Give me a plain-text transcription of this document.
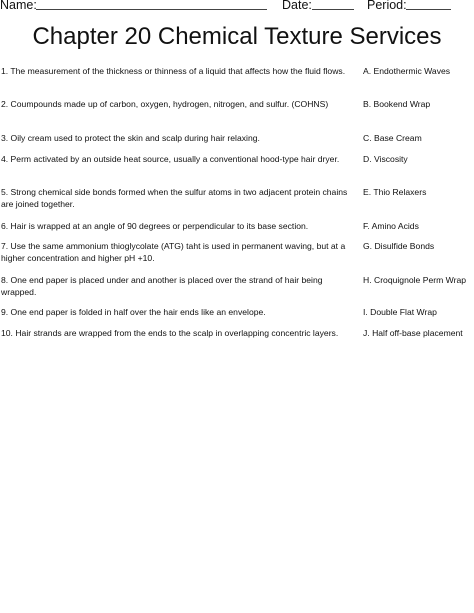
Name:	Date:	Period:
Chapter 20 Chemical Texture Services
1. The measurement of the thickness or thinness of a liquid that affects how the fluid flows.
2. Coumpounds made up of carbon, oxygen, hydrogen, nitrogen, and sulfur. (COHNS)
3. Oily cream used to protect the skin and scalp during hair relaxing.
4. Perm activated by an outside heat source, usually a conventional hood-type hair dryer.
5. Strong chemical side bonds formed when the sulfur atoms in two adjacent protein chains are joined together.
6. Hair is wrapped at an angle of 90 degrees or perpendicular to its base section.
7. Use the same ammonium thioglycolate (ATG) taht is used in permanent waving, but at a higher concentration and higher pH +10.
8. One end paper is placed under and another is placed over the strand of hair being wrapped.
9. One end paper is folded in half over the hair ends like an envelope.
10. Hair strands are wrapped from the ends to the scalp in overlapping concentric layers.
A. Endothermic Waves
B. Bookend Wrap
C. Base Cream
D. Viscosity
E. Thio Relaxers
F. Amino Acids
G. Disulfide Bonds
H. Croquignole Perm Wrap
I. Double Flat Wrap
J. Half off-base placement
